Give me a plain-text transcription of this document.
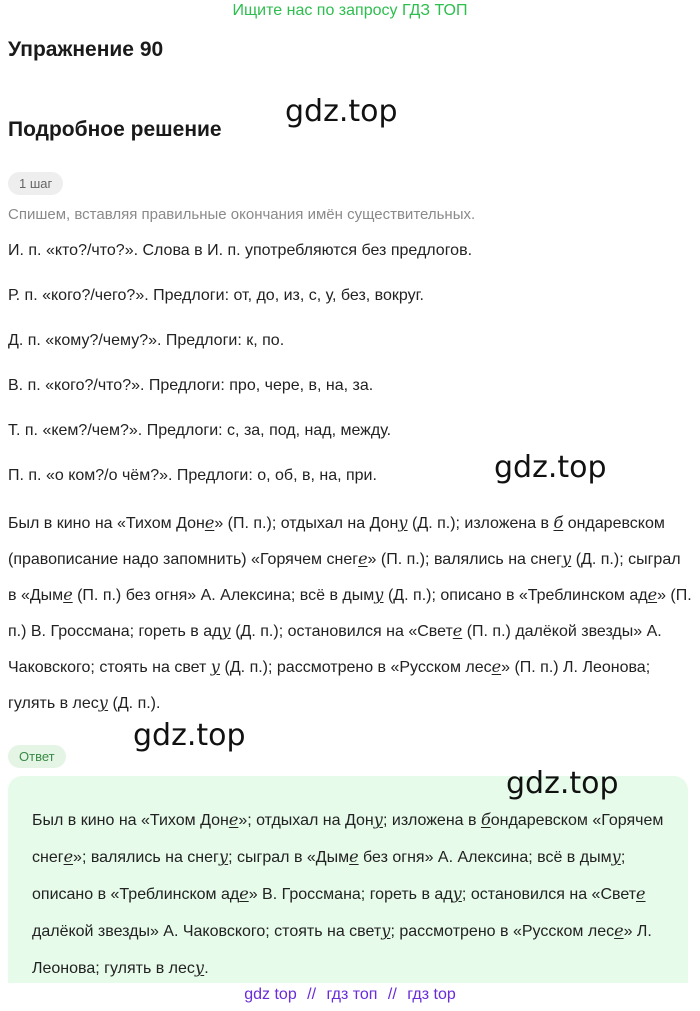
Ищите нас по запросу ГДЗ ТОП
Упражнение 90
gdz.top
Подробное решение
1 шаг
Спишем, вставляя правильные окончания имён существительных.
И. п. «кто?/что?». Слова в И. п. употребляются без предлогов.
Р. п. «кого?/чего?». Предлоги: от, до, из, с, у, без, вокруг.
Д. п. «кому?/чему?». Предлоги: к, по.
В. п. «кого?/что?». Предлоги: про, чере, в, на, за.
Т. п. «кем?/чем?». Предлоги: с, за, под, над, между.
П. п. «о ком?/о чём?». Предлоги: о, об, в, на, при.	gdz.top
Был в кино на «Тихом Доне» (П. п.); отдыхал на Дону (Д. п.); изложена в б ондаревском (правописание надо запомнить) «Горячем снеге» (П. п.); валялись на снегу (Д. п.); сыграл в «Дыме (П. п.) без огня» А. Алексина; всё в дыму (Д. п.); описано в «Треблинском аде» (П. п.) В. Гроссмана; гореть в аду (Д. п.); остановился на «Свете (П. п.) далёкой звезды» А. Чаковского; стоять на свет у (Д. п.); рассмотрено в «Русском лесе» (П. п.) Л. Леонова; гулять в лесу (Д. п.).
gdz.top
Ответ
gdz.top
Был в кино на «Тихом Доне»; отдыхал на Дону; изложена в бондаревском «Горячем снеге»; валялись на снегу; сыграл в «Дыме без огня» А. Алексина; всё в дыму; описано в «Треблинском аде» В. Гроссмана; гореть в аду; остановился на «Свете далёкой звезды» А. Чаковского; стоять на свету; рассмотрено в «Русском лесе» Л. Леонова; гулять в лесу.
gdz top // гдз топ // гдз top
